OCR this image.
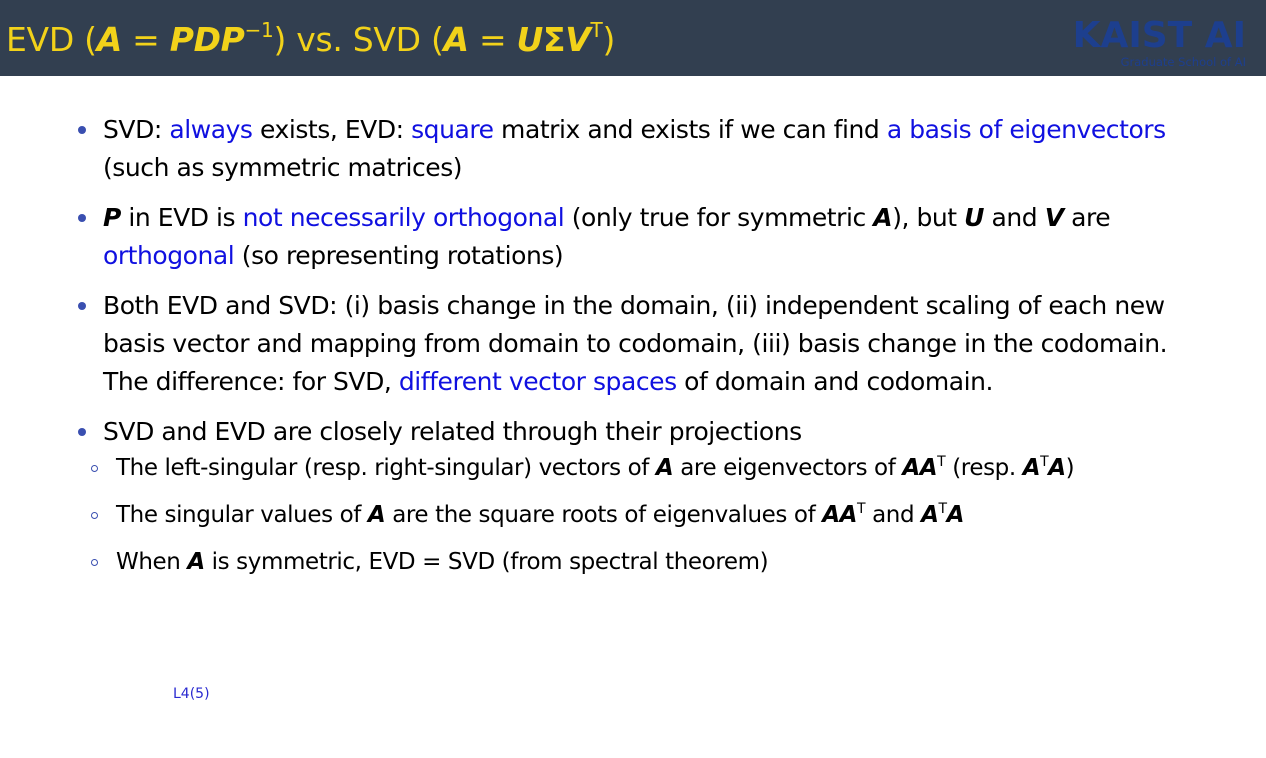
EVD $(A = PDP^{-1})$ vs. SVD $(A = U\Sigma V^T)$	KAIST AI
Graduate School of AI
SVD: always exists, EVD: square matrix and exists if we can find a basis of eigenvectors (such as symmetric matrices)
P in EVD is not necessarily orthogonal (only true for symmetric A), but U and V are orthogonal (so representing rotations)
Both EVD and SVD: (i) basis change in the domain, (ii) independent scaling of each new basis vector and mapping from domain to codomain, (iii) basis change in the codomain. The difference: for SVD, different vector spaces of domain and codomain.
SVD and EVD are closely related through their projections
The left-singular (resp. right-singular) vectors of A are eigenvectors of $AA^T$ (resp. $A^TA$)
The singular values of A are the square roots of eigenvalues of $AA^T$ and $A^TA$
When A is symmetric, EVD = SVD (from spectral theorem)
L4(5)
